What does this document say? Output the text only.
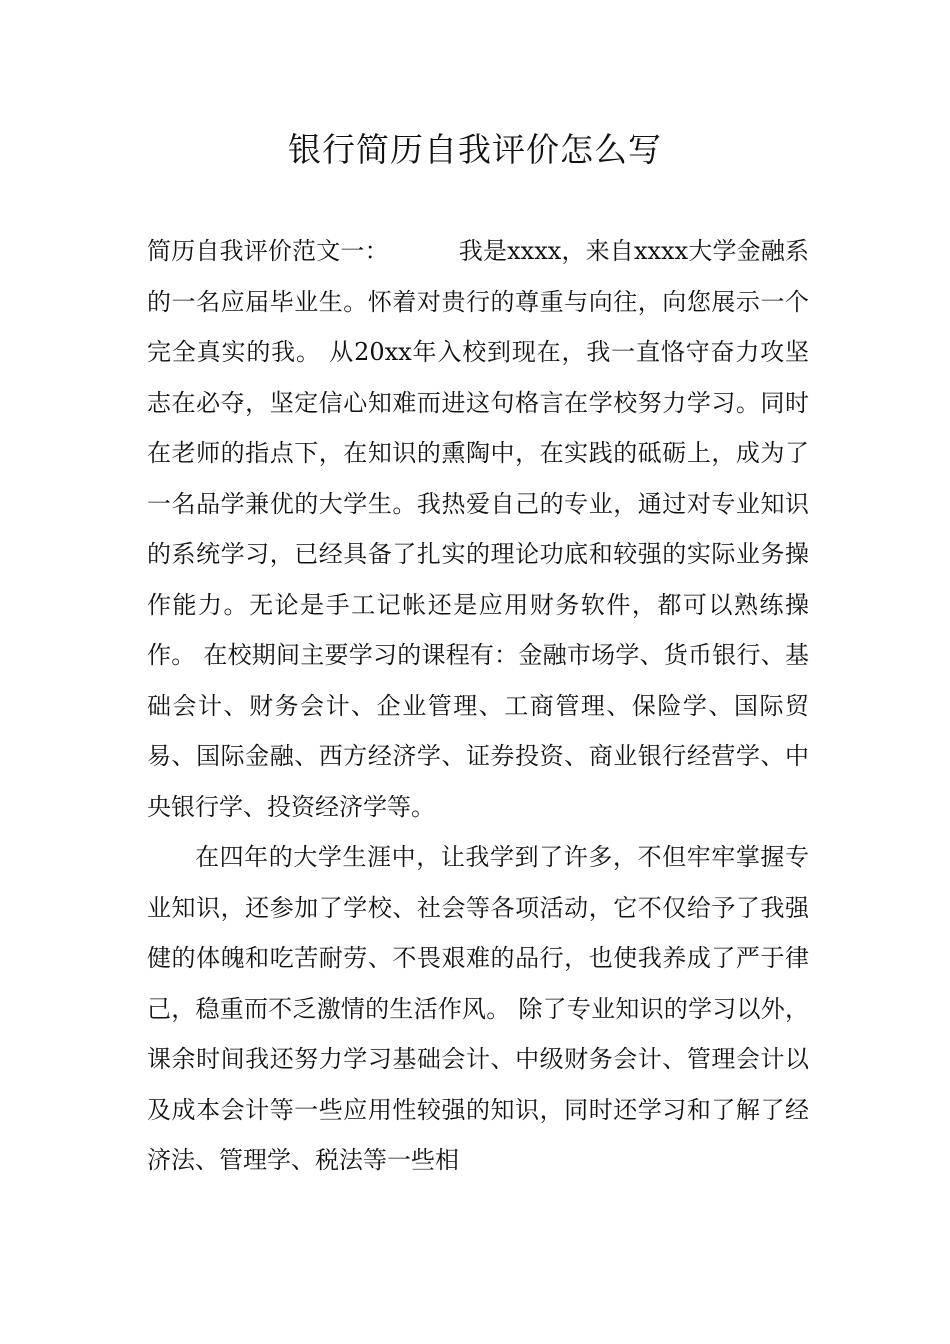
银行简历自我评价怎么写

简历自我评价范文一：	我是xxxx，来自xxxx大学金融系的一名应届毕业生。怀着对贵行的尊重与向往，向您展示一个完全真实的我。 从20xx年入校到现在，我一直恪守奋力攻坚志在必夺，坚定信心知难而进这句格言在学校努力学习。同时在老师的指点下，在知识的熏陶中，在实践的砥砺上，成为了一名品学兼优的大学生。我热爱自己的专业，通过对专业知识的系统学习，已经具备了扎实的理论功底和较强的实际业务操作能力。无论是手工记帐还是应用财务软件，都可以熟练操作。 在校期间主要学习的课程有：金融市场学、货币银行、基础会计、财务会计、企业管理、工商管理、保险学、国际贸易、国际金融、西方经济学、证券投资、商业银行经营学、中央银行学、投资经济学等。

在四年的大学生涯中，让我学到了许多，不但牢牢掌握专业知识，还参加了学校、社会等各项活动，它不仅给予了我强健的体魄和吃苦耐劳、不畏艰难的品行，也使我养成了严于律己，稳重而不乏激情的生活作风。 除了专业知识的学习以外，课余时间我还努力学习基础会计、中级财务会计、管理会计以及成本会计等一些应用性较强的知识，同时还学习和了解了经济法、管理学、税法等一些相
